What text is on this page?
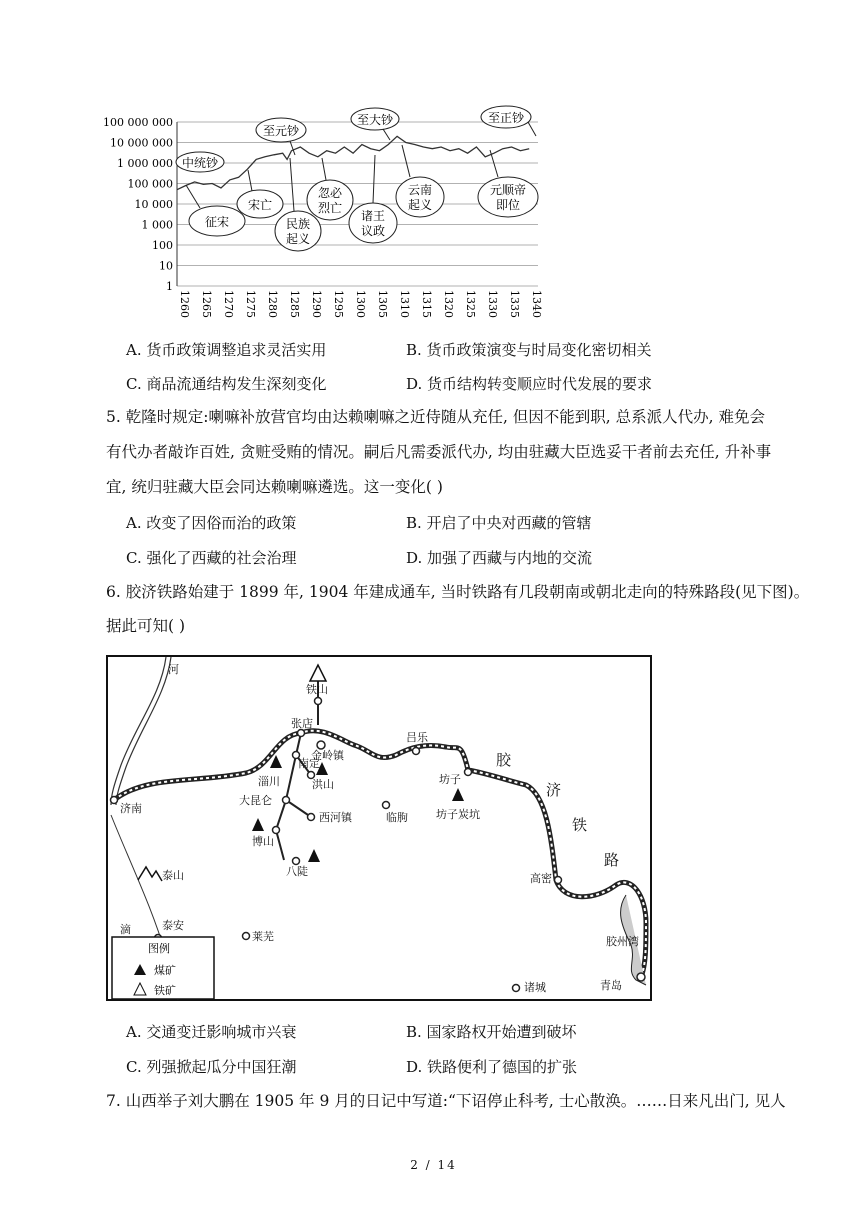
100 000 000
10 000 000
1 000 000
100 000
10 000
1 000
100
10
1
1260 1265 1270 1275 1280 1285 1290 1295 1300 1305 1310 1315 1320 1325 1330 1335 1340
中统钞
征宋
宋亡
至元钞
民族
起义
忽必
烈亡
至大钞
诸王
议政
云南
起义
至正钞
元顺帝
即位
A. 货币政策调整追求灵活实用	B. 货币政策演变与时局变化密切相关
C. 商品流通结构发生深刻变化	D. 货币结构转变顺应时代发展的要求
5. 乾隆时规定:喇嘛补放营官均由达赖喇嘛之近侍随从充任, 但因不能到职, 总系派人代办, 难免会
有代办者敲诈百姓, 贪赃受贿的情况。嗣后凡需委派代办, 均由驻藏大臣选妥干者前去充任, 升补事
宜, 统归驻藏大臣会同达赖喇嘛遴选。这一变化( )
A. 改变了因俗而治的政策	B. 开启了中央对西藏的管辖
C. 强化了西藏的社会治理	D. 加强了西藏与内地的交流
6. 胶济铁路始建于 1899 年, 1904 年建成通车, 当时铁路有几段朝南或朝北走向的特殊路段(见下图)。
据此可知( )
河
铁山
张店
金岭镇
吕乐
胶
济
铁
路
济南
淄川
南定
洪山
大昆仑
西河镇	临朐
坊子
坊子炭坑
博山
八陡
泰山	高密
泰安
滴
莱芜	胶州湾
青岛
诸城
图例
煤矿
铁矿
A. 交通变迁影响城市兴衰	B. 国家路权开始遭到破坏
C. 列强掀起瓜分中国狂潮	D. 铁路便利了德国的扩张
7. 山西举子刘大鹏在 1905 年 9 月的日记中写道:“下诏停止科考, 士心散涣。……日来凡出门, 见人
2 / 14
